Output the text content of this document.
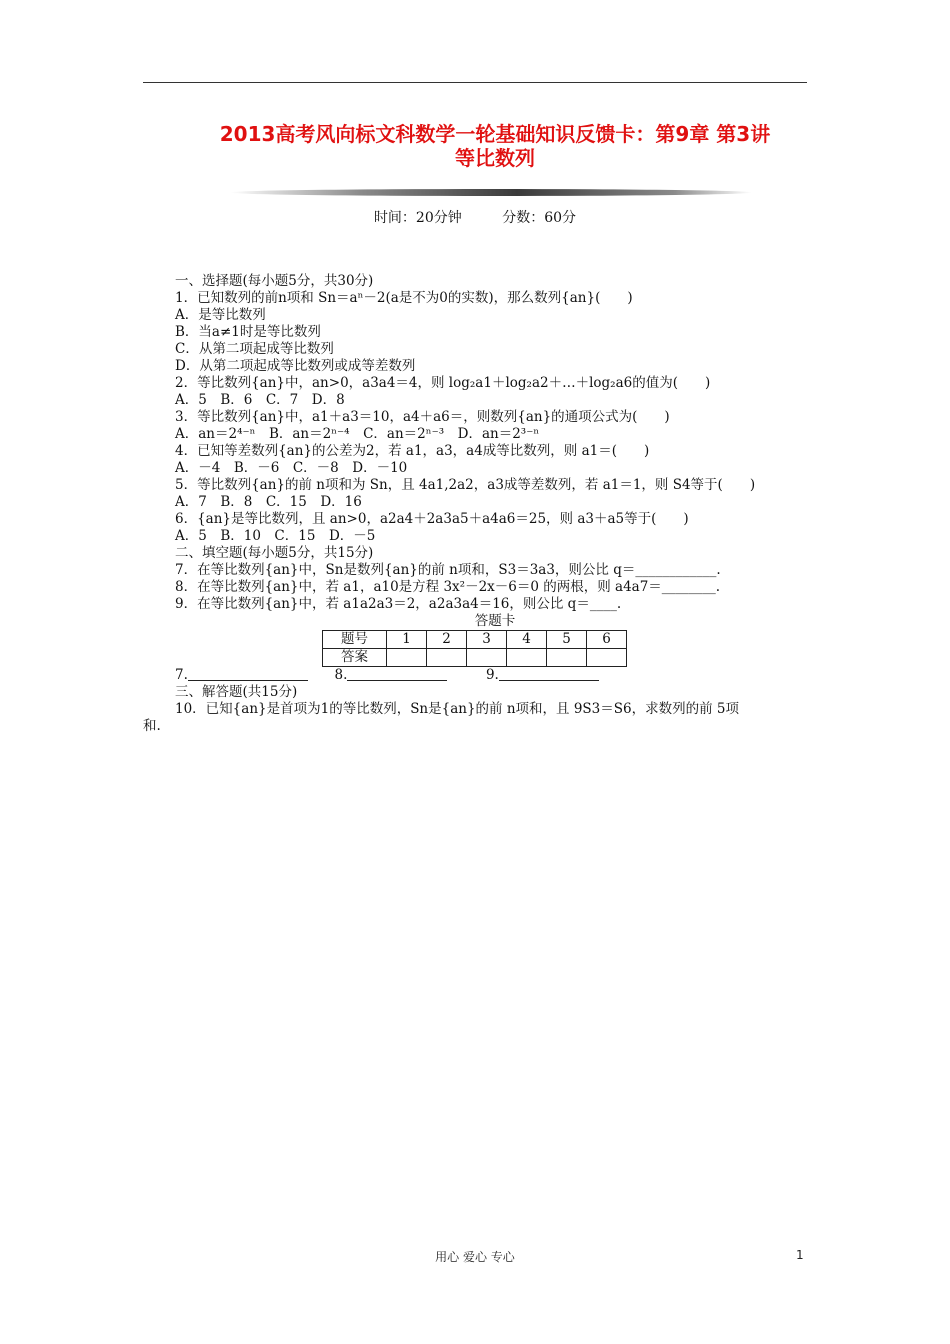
2013高考风向标文科数学一轮基础知识反馈卡：第9章 第3讲
等比数列
时间：20分钟	分数：60分
一、选择题(每小题5分，共30分)
1．已知数列的前n项和 Sn＝aⁿ－2(a是不为0的实数)，那么数列{an}(　　)
A．是等比数列
B．当a≠1时是等比数列
C．从第二项起成等比数列
D．从第二项起成等比数列或成等差数列
2．等比数列{an}中，an>0，a3a4＝4，则 log₂a1＋log₂a2＋…＋log₂a6的值为(　　)
A．5　B．6　C．7　D．8
3．等比数列{an}中，a1＋a3＝10，a4＋a6＝，则数列{an}的通项公式为(　　)
A．an＝2⁴⁻ⁿ　B．an＝2ⁿ⁻⁴　C．an＝2ⁿ⁻³　D．an＝2³⁻ⁿ
4．已知等差数列{an}的公差为2，若 a1，a3，a4成等比数列，则 a1＝(　　)
A．－4　B．－6　C．－8　D．－10
5．等比数列{an}的前 n项和为 Sn，且 4a1,2a2，a3成等差数列，若 a1＝1，则 S4等于(　　)
A．7　B．8　C．15　D．16
6．{an}是等比数列，且 an>0，a2a4＋2a3a5＋a4a6＝25，则 a3＋a5等于(　　)
A．5　B．10　C．15　D．－5
二、填空题(每小题5分，共15分)
7．在等比数列{an}中，Sn是数列{an}的前 n项和，S3＝3a3，则公比 q＝____________.
8．在等比数列{an}中，若 a1，a10是方程 3x²－2x－6＝0 的两根，则 a4a7＝________.
9．在等比数列{an}中，若 a1a2a3＝2，a2a3a4＝16，则公比 q＝____.
答题卡
题号	1	2	3	4	5	6
答案						
7.	8.	9.
三、解答题(共15分)
10．已知{an}是首项为1的等比数列，Sn是{an}的前 n项和，且 9S3＝S6，求数列的前 5项
和.
用心 爱心 专心	1
